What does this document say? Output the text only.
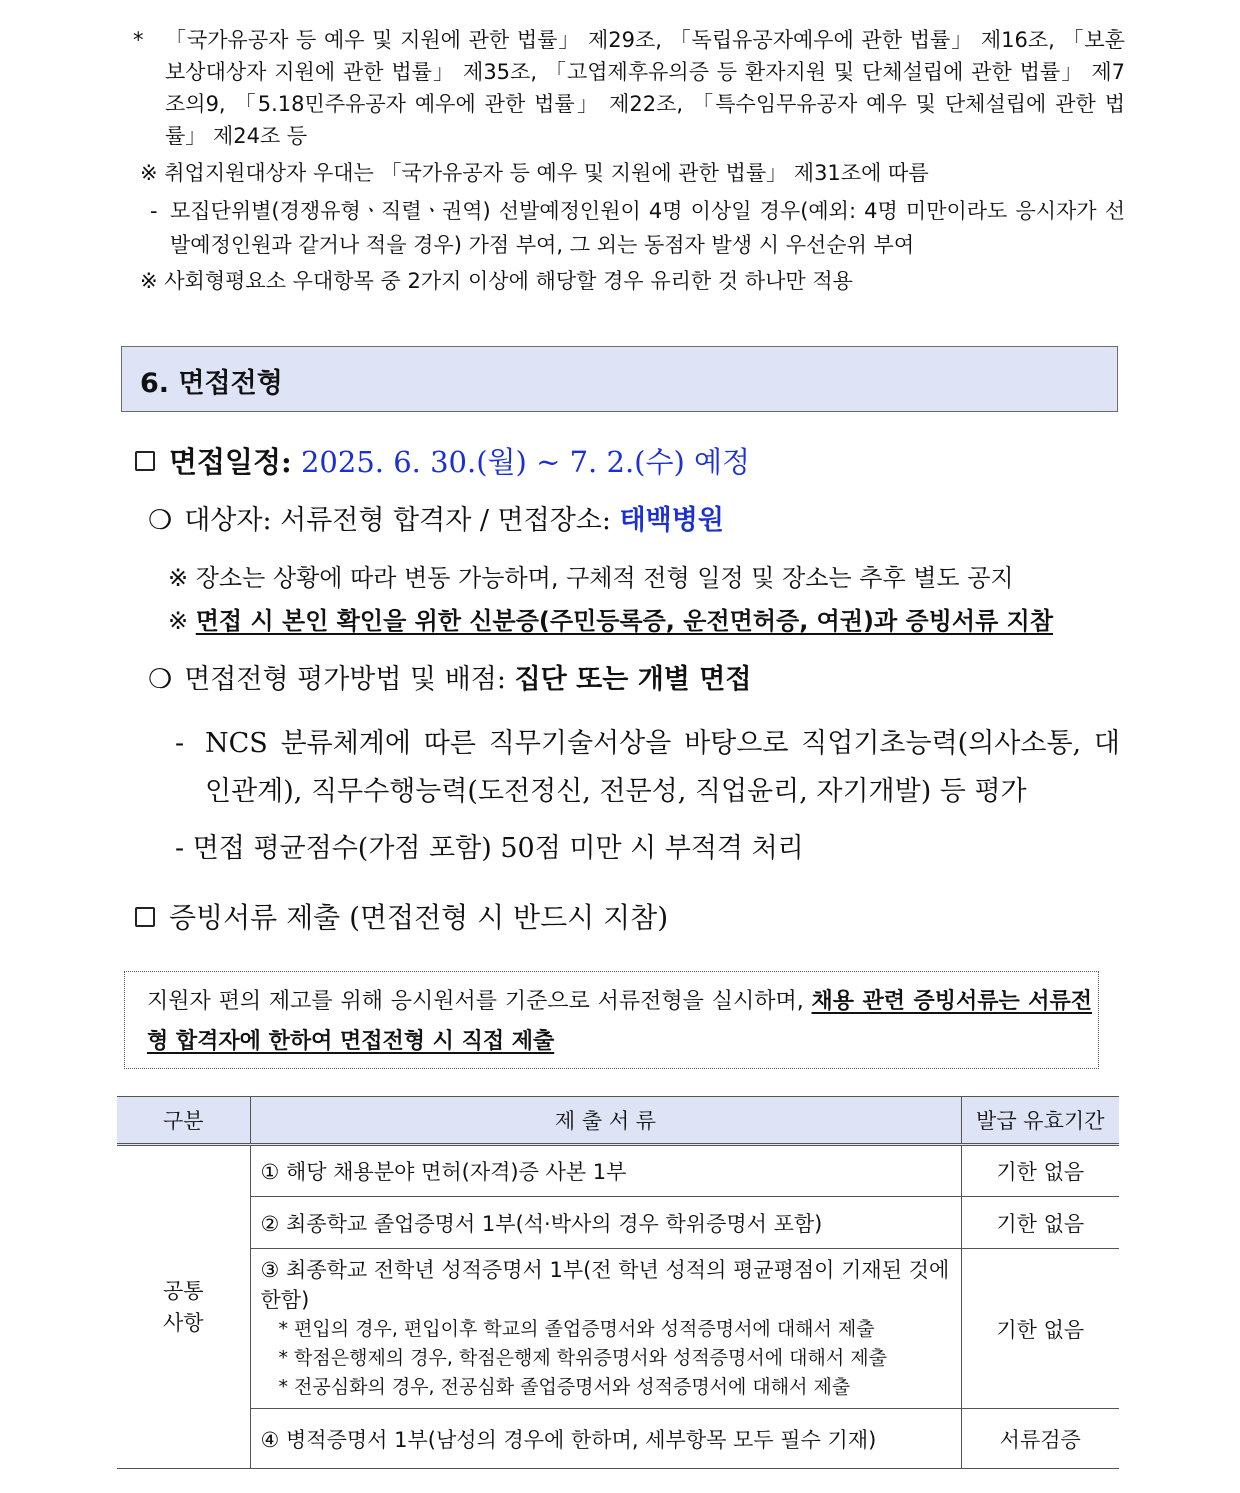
* 「국가유공자 등 예우 및 지원에 관한 법률」 제29조, 「독립유공자예우에 관한 법률」 제16조, 「보훈보상대상자 지원에 관한 법률」 제35조, 「고엽제후유의증 등 환자지원 및 단체설립에 관한 법률」 제7조의9, 「5.18민주유공자 예우에 관한 법률」 제22조, 「특수임무유공자 예우 및 단체설립에 관한 법률」 제24조 등

※ 취업지원대상자 우대는 「국가유공자 등 예우 및 지원에 관한 법률」 제31조에 따름
- 모집단위별(경쟁유형ㆍ직렬ㆍ권역) 선발예정인원이 4명 이상일 경우(예외: 4명 미만이라도 응시자가 선발예정인원과 같거나 적을 경우) 가점 부여, 그 외는 동점자 발생 시 우선순위 부여

※ 사회형평요소 우대항목 중 2가지 이상에 해당할 경우 유리한 것 하나만 적용
6. 면접전형
면접일정: 2025. 6. 30.(월) ~ 7. 2.(수) 예정
❍ 대상자: 서류전형 합격자 / 면접장소: 태백병원
※ 장소는 상황에 따라 변동 가능하며, 구체적 전형 일정 및 장소는 추후 별도 공지
※ 면접 시 본인 확인을 위한 신분증(주민등록증, 운전면허증, 여권)과 증빙서류 지참
❍ 면접전형 평가방법 및 배점: 집단 또는 개별 면접
- NCS 분류체계에 따른 직무기술서상을 바탕으로 직업기초능력(의사소통, 대인관계), 직무수행능력(도전정신, 전문성, 직업윤리, 자기개발) 등 평가

- 면접 평균점수(가점 포함) 50점 미만 시 부적격 처리
증빙서류 제출 (면접전형 시 반드시 지참)

지원자 편의 제고를 위해 응시원서를 기준으로 서류전형을 실시하며, 채용 관련 증빙서류는 서류전형 합격자에 한하여 면접전형 시 직접 제출

구분	제 출 서 류	발급 유효기간

공통
사항	① 해당 채용분야 면허(자격)증 사본 1부	기한 없음
	② 최종학교 졸업증명서 1부(석·박사의 경우 학위증명서 포함)	기한 없음

	③ 최종학교 전학년 성적증명서 1부(전 학년 성적의 평균평점이 기재된 것에 한함)
* 편입의 경우, 편입이후 학교의 졸업증명서와 성적증명서에 대해서 제출
* 학점은행제의 경우, 학점은행제 학위증명서와 성적증명서에 대해서 제출
* 전공심화의 경우, 전공심화 졸업증명서와 성적증명서에 대해서 제출	기한 없음
	④ 병적증명서 1부(남성의 경우에 한하며, 세부항목 모두 필수 기재)	서류검증
